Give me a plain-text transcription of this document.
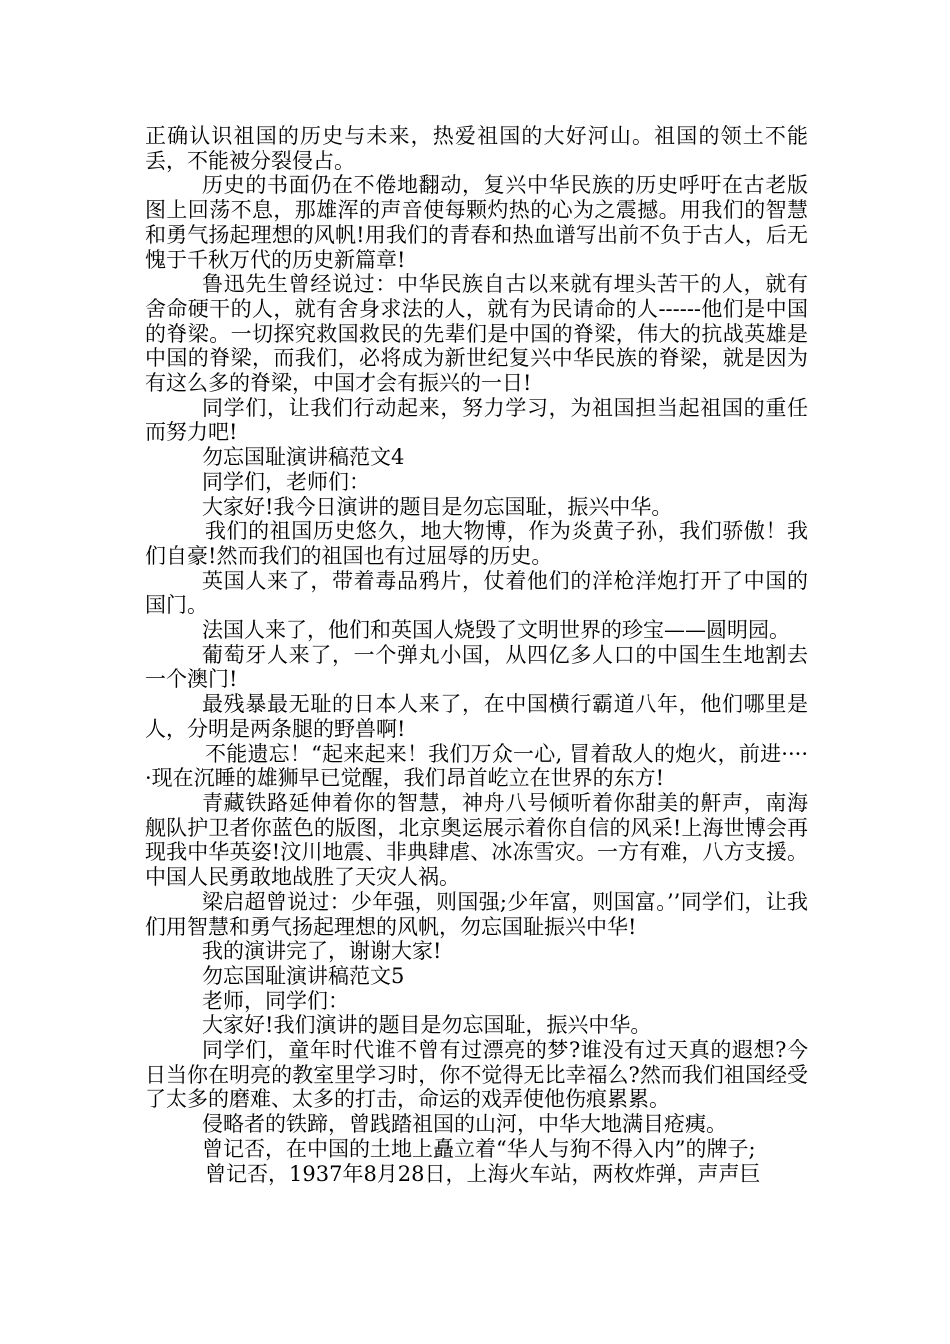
正确认识祖国的历史与未来，热爱祖国的大好河山。祖国的领土不能丢，不能被分裂侵占。

历史的书面仍在不倦地翻动，复兴中华民族的历史呼吁在古老版图上回荡不息，那雄浑的声音使每颗灼热的心为之震撼。用我们的智慧和勇气扬起理想的风帆!用我们的青春和热血谱写出前不负于古人，后无愧于千秋万代的历史新篇章!

鲁迅先生曾经说过：中华民族自古以来就有埋头苦干的人，就有舍命硬干的人，就有舍身求法的人，就有为民请命的人------他们是中国的脊梁。一切探究救国救民的先辈们是中国的脊梁，伟大的抗战英雄是中国的脊梁，而我们，必将成为新世纪复兴中华民族的脊梁，就是因为有这么多的脊梁，中国才会有振兴的一日!

同学们，让我们行动起来，努力学习，为祖国担当起祖国的重任而努力吧!

勿忘国耻演讲稿范文4

同学们，老师们：

大家好!我今日演讲的题目是勿忘国耻，振兴中华。

我们的祖国历史悠久，地大物博，作为炎黄子孙，我们骄傲！我们自豪!然而我们的祖国也有过屈辱的历史。

英国人来了，带着毒品鸦片，仗着他们的洋枪洋炮打开了中国的国门。

法国人来了，他们和英国人烧毁了文明世界的珍宝——圆明园。

葡萄牙人来了，一个弹丸小国，从四亿多人口的中国生生地割去一个澳门!

最残暴最无耻的日本人来了，在中国横行霸道八年，他们哪里是人，分明是两条腿的野兽啊!

不能遗忘！“起来起来！我们万众一心, 冒着敌人的炮火，前进·····现在沉睡的雄狮早已觉醒，我们昂首屹立在世界的东方!

青藏铁路延伸着你的智慧，神舟八号倾听着你甜美的鼾声，南海舰队护卫者你蓝色的版图，北京奥运展示着你自信的风采!上海世博会再现我中华英姿!汶川地震、非典肆虐、冰冻雪灾。一方有难，八方支援。中国人民勇敢地战胜了天灾人祸。

梁启超曾说过：少年强，则国强;少年富，则国富。’’同学们，让我们用智慧和勇气扬起理想的风帆，勿忘国耻振兴中华!

我的演讲完了，谢谢大家!

勿忘国耻演讲稿范文5

老师，同学们：

大家好!我们演讲的题目是勿忘国耻，振兴中华。

同学们，童年时代谁不曾有过漂亮的梦?谁没有过天真的遐想?今日当你在明亮的教室里学习时，你不觉得无比幸福么?然而我们祖国经受了太多的磨难、太多的打击，命运的戏弄使他伤痕累累。

侵略者的铁蹄，曾践踏祖国的山河，中华大地满目疮痍。

曾记否，在中国的土地上矗立着“华人与狗不得入内”的牌子;

曾记否，1937年8月28日，上海火车站，两枚炸弹，声声巨
